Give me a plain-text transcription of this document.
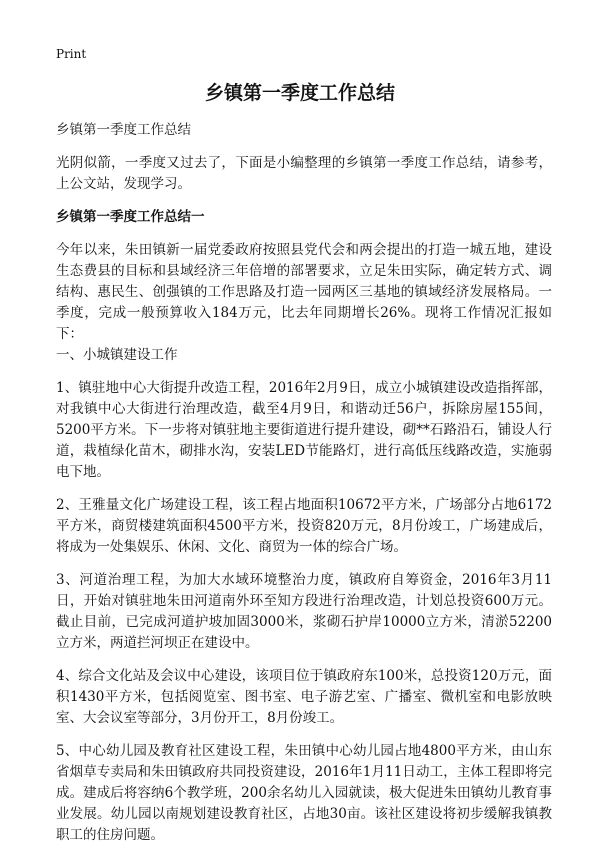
Print
乡镇第一季度工作总结

乡镇第一季度工作总结

光阴似箭，一季度又过去了，下面是小编整理的乡镇第一季度工作总结，请参考，上公文站，发现学习。

乡镇第一季度工作总结一

今年以来，朱田镇新一届党委政府按照县党代会和两会提出的打造一城五地，建设生态费县的目标和县域经济三年倍增的部署要求，立足朱田实际，确定转方式、调结构、惠民生、创强镇的工作思路及打造一园两区三基地的镇域经济发展格局。一季度，完成一般预算收入184万元，比去年同期增长26%。现将工作情况汇报如下：

一、小城镇建设工作

1、镇驻地中心大街提升改造工程，2016年2月9日，成立小城镇建设改造指挥部，对我镇中心大街进行治理改造，截至4月9日，和谐动迁56户，拆除房屋155间，5200平方米。下一步将对镇驻地主要街道进行提升建设，砌**石路沿石，铺设人行道，栽植绿化苗木，砌排水沟，安装LED节能路灯，进行高低压线路改造，实施弱电下地。

2、王雅量文化广场建设工程，该工程占地面积10672平方米，广场部分占地6172平方米，商贸楼建筑面积4500平方米，投资820万元，8月份竣工，广场建成后，将成为一处集娱乐、休闲、文化、商贸为一体的综合广场。

3、河道治理工程，为加大水域环境整治力度，镇政府自筹资金，2016年3月11日，开始对镇驻地朱田河道南外环至知方段进行治理改造，计划总投资600万元。截止目前，已完成河道护坡加固3000米，浆砌石护岸10000立方米，清淤52200立方米，两道拦河坝正在建设中。

4、综合文化站及会议中心建设，该项目位于镇政府东100米，总投资120万元，面积1430平方米，包括阅览室、图书室、电子游艺室、广播室、微机室和电影放映室、大会议室等部分，3月份开工，8月份竣工。

5、中心幼儿园及教育社区建设工程，朱田镇中心幼儿园占地4800平方米，由山东省烟草专卖局和朱田镇政府共同投资建设，2016年1月11日动工，主体工程即将完成。建成后将容纳6个教学班，200余名幼儿入园就读，极大促进朱田镇幼儿教育事业发展。幼儿园以南规划建设教育社区，占地30亩。该社区建设将初步缓解我镇教职工的住房问题。
